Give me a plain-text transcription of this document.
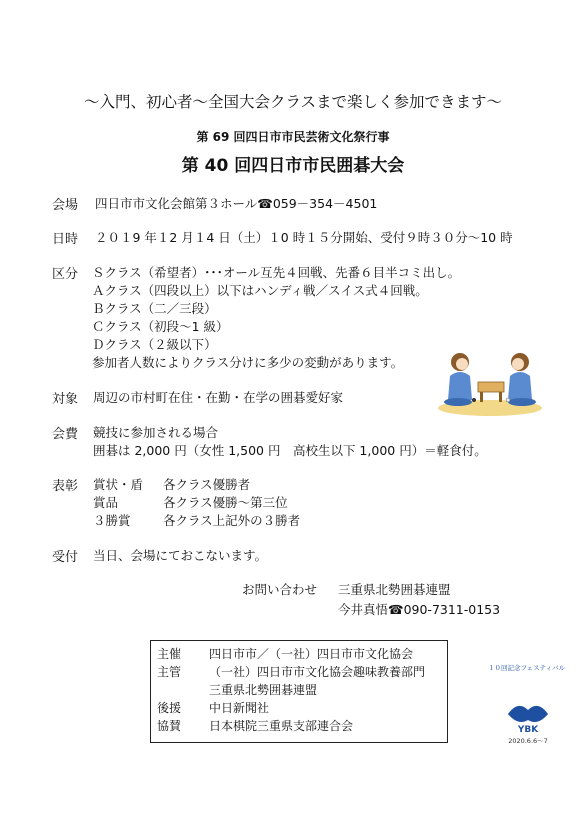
～入門、初心者～全国大会クラスまで楽しく参加できます～
第 69 回四日市市民芸術文化祭行事
第 40 回四日市市民囲碁大会
会場 四日市市文化会館第３ホール☎059－354－4501
日時 ２０１9 年１2 月１4 日（土）１0 時１５分開始、受付９時３０分～10 時
区分 Ｓクラス（希望者）･･･オール互先４回戦、先番６目半コミ出し。
Ａクラス（四段以上）以下はハンディ戦／スイス式４回戦。
Ｂクラス（二／三段）
Ｃクラス（初段～1 級）
Ｄクラス（２級以下）
参加者人数によりクラス分けに多少の変動があります。
対象 周辺の市村町在住・在勤・在学の囲碁愛好家
会費 競技に参加される場合
囲碁は 2,000 円（女性 1,500 円　高校生以下 1,000 円）＝軽食付。
表彰 賞状・盾 各クラス優勝者
賞品	各クラス優勝～第三位
３勝賞	各クラス上記外の３勝者
受付 当日、会場にておこないます。
お問い合わせ 三重県北勢囲碁連盟
今井真悟☎090-7311-0153
主催 四日市市／（一社）四日市市文化協会
主管 （一社）四日市市文化協会趣味教養部門
三重県北勢囲碁連盟
後援 中日新聞社
協賛 日本棋院三重県支部連合会
１０回記念フェスティバル
YBK
2020.6.6～7
